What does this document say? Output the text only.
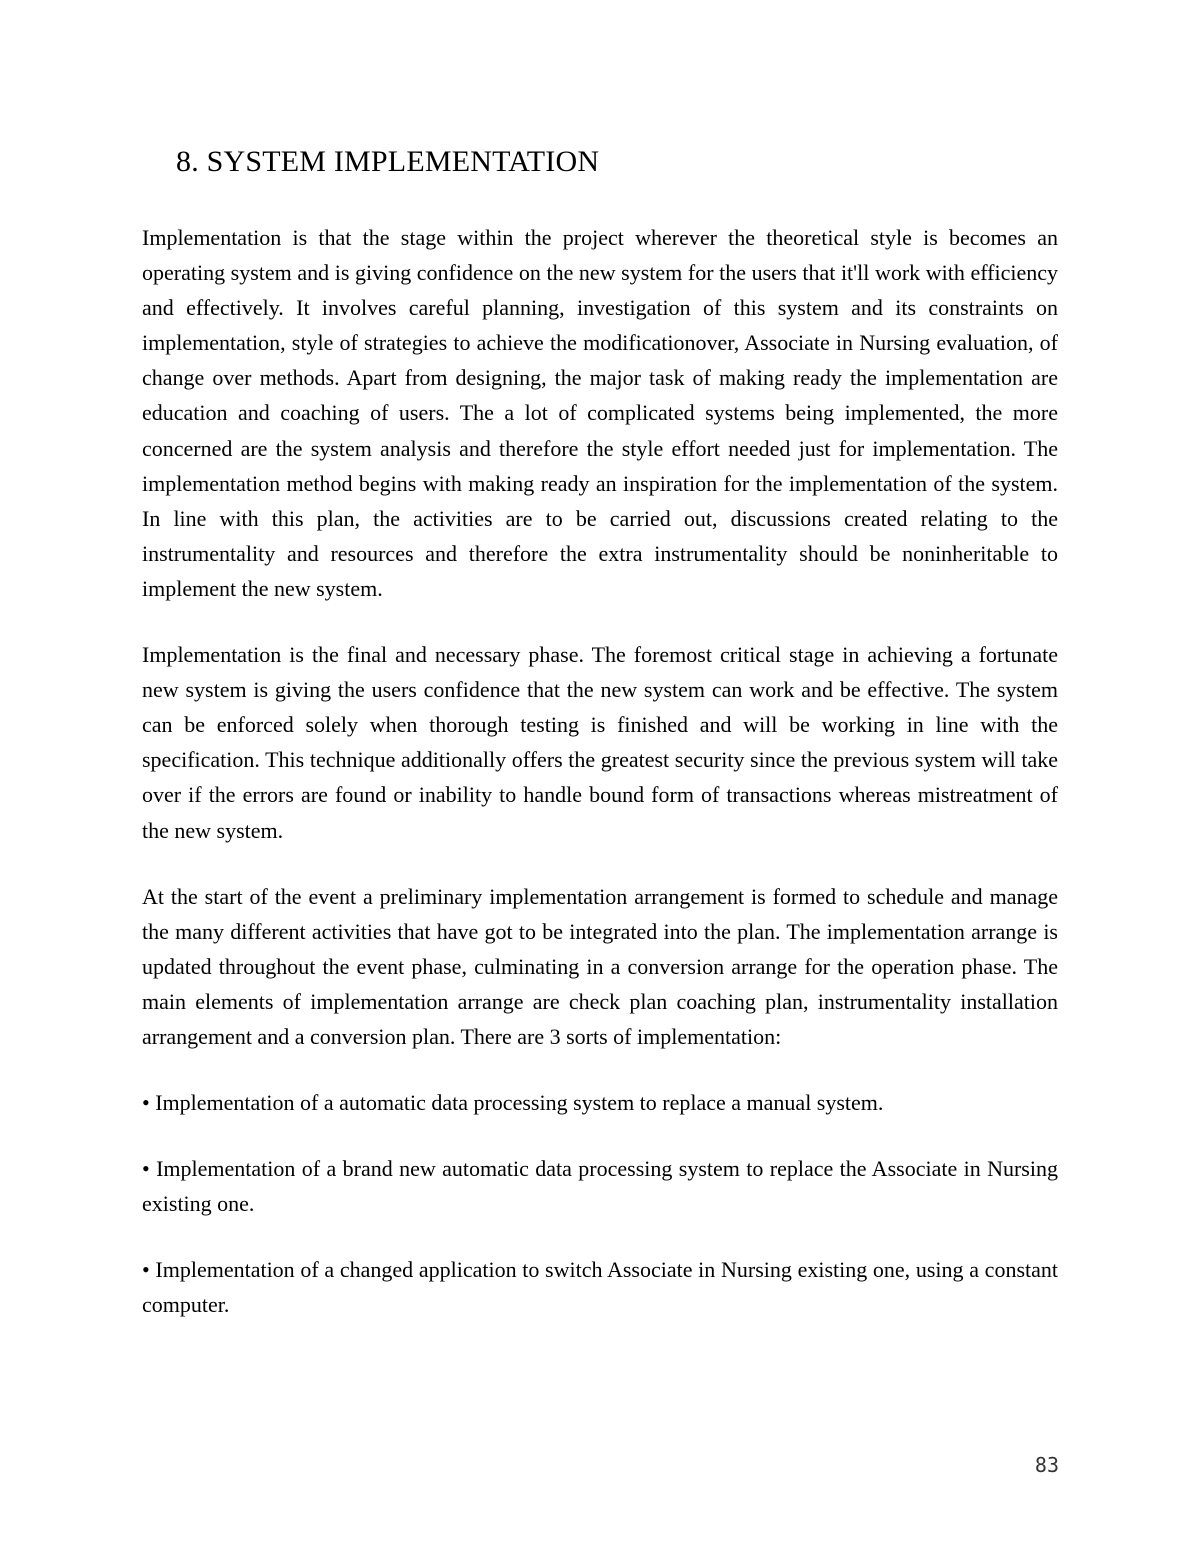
8. SYSTEM IMPLEMENTATION

Implementation is that the stage within the project wherever the theoretical style is becomes an operating system and is giving confidence on the new system for the users that it'll work with efficiency and effectively. It involves careful planning, investigation of this system and its constraints on implementation, style of strategies to achieve the modificationover, Associate in Nursing evaluation, of change over methods. Apart from designing, the major task of making ready the implementation are education and coaching of users. The a lot of complicated systems being implemented, the more concerned are the system analysis and therefore the style effort needed just for implementation. The implementation method begins with making ready an inspiration for the implementation of the system. In line with this plan, the activities are to be carried out, discussions created relating to the instrumentality and resources and therefore the extra instrumentality should be noninheritable to implement the new system.

Implementation is the final and necessary phase. The foremost critical stage in achieving a fortunate new system is giving the users confidence that the new system can work and be effective. The system can be enforced solely when thorough testing is finished and will be working in line with the specification. This technique additionally offers the greatest security since the previous system will take over if the errors are found or inability to handle bound form of transactions whereas mistreatment of the new system.

At the start of the event a preliminary implementation arrangement is formed to schedule and manage the many different activities that have got to be integrated into the plan. The implementation arrange is updated throughout the event phase, culminating in a conversion arrange for the operation phase. The main elements of implementation arrange are check plan coaching plan, instrumentality installation arrangement and a conversion plan. There are 3 sorts of implementation:

• Implementation of a automatic data processing system to replace a manual system.

• Implementation of a brand new automatic data processing system to replace the Associate in Nursing existing one.

• Implementation of a changed application to switch Associate in Nursing existing one, using a constant computer.

83
